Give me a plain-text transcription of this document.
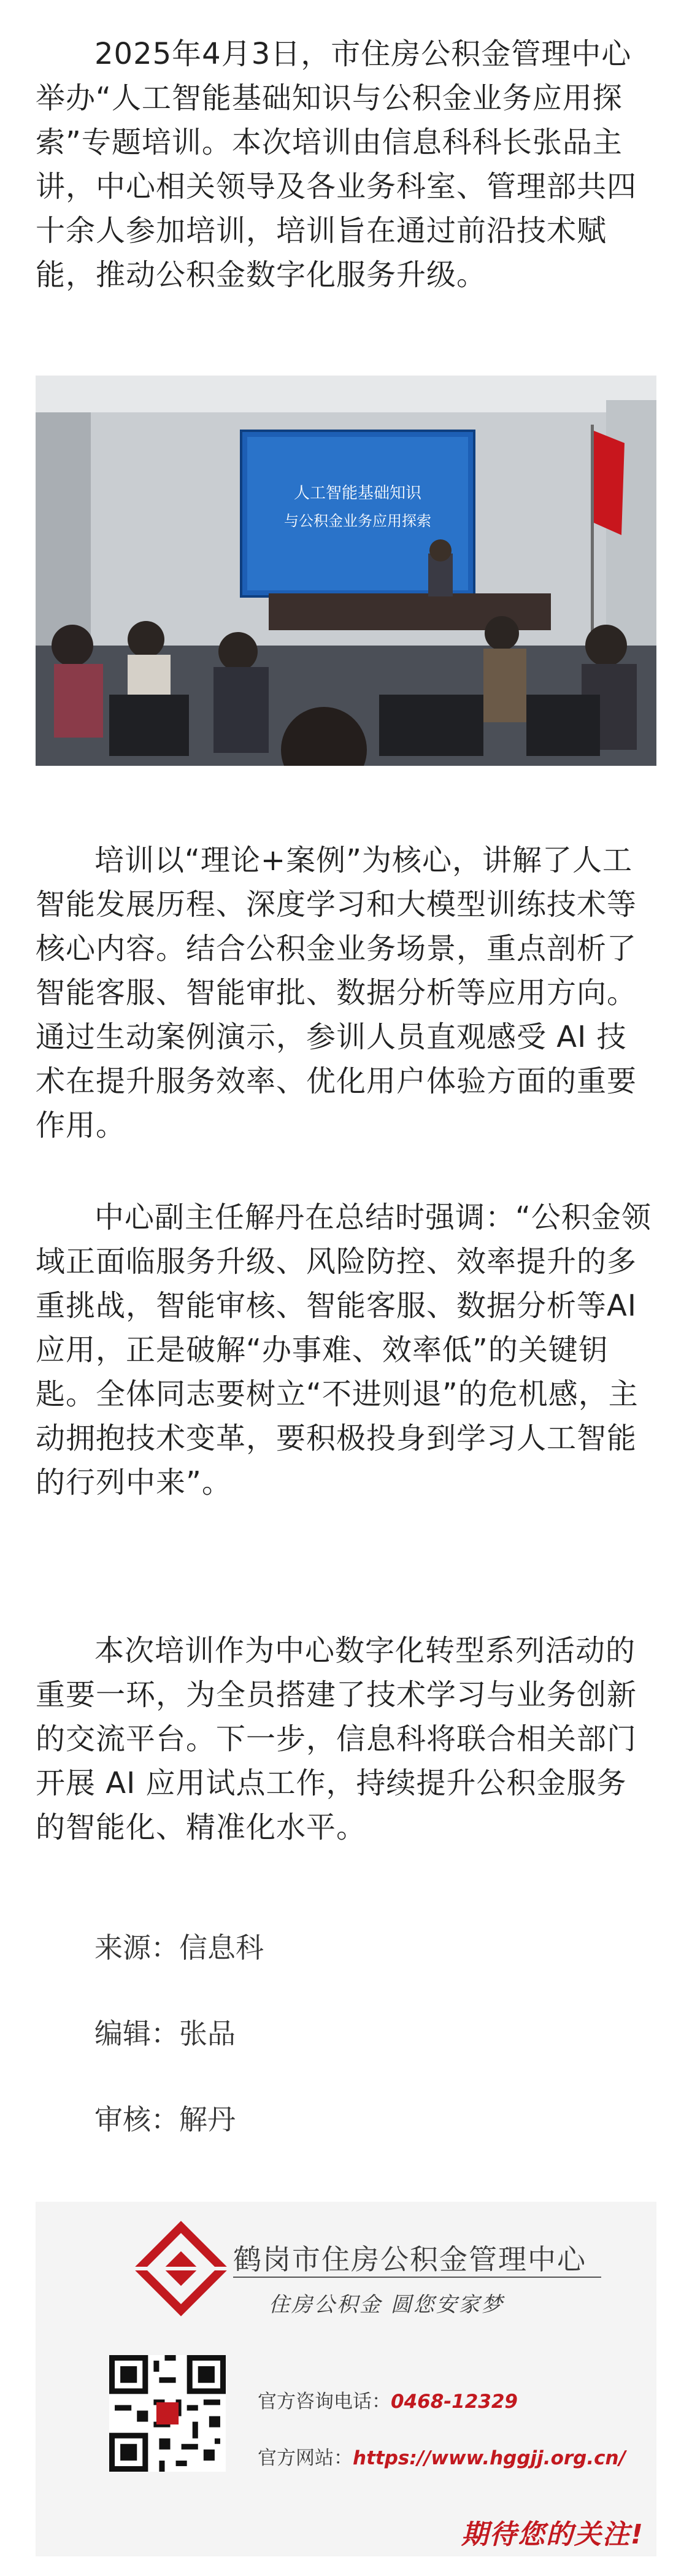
2025年4月3日，市住房公积金管理中心举办“人工智能基础知识与公积金业务应用探索”专题培训。本次培训由信息科科长张品主讲，中心相关领导及各业务科室、管理部共四十余人参加培训，培训旨在通过前沿技术赋能，推动公积金数字化服务升级。

人工智能基础知识
与公积金业务应用探索

培训以“理论+案例”为核心，讲解了人工智能发展历程、深度学习和大模型训练技术等核心内容。结合公积金业务场景，重点剖析了智能客服、智能审批、数据分析等应用方向。通过生动案例演示，参训人员直观感受 AI 技术在提升服务效率、优化用户体验方面的重要作用。

中心副主任解丹在总结时强调：“公积金领域正面临服务升级、风险防控、效率提升的多重挑战，智能审核、智能客服、数据分析等AI应用，正是破解“办事难、效率低”的关键钥匙。全体同志要树立“不进则退”的危机感，主动拥抱技术变革，要积极投身到学习人工智能的行列中来”。

本次培训作为中心数字化转型系列活动的重要一环，为全员搭建了技术学习与业务创新的交流平台。下一步，信息科将联合相关部门开展 AI 应用试点工作，持续提升公积金服务的智能化、精准化水平。

来源：信息科

编辑：张品

审核：解丹

鹤岗市住房公积金管理中心
住房公积金 圆您安家梦
官方咨询电话：0468-12329
官方网站：https://www.hggjj.org.cn/
期待您的关注!
